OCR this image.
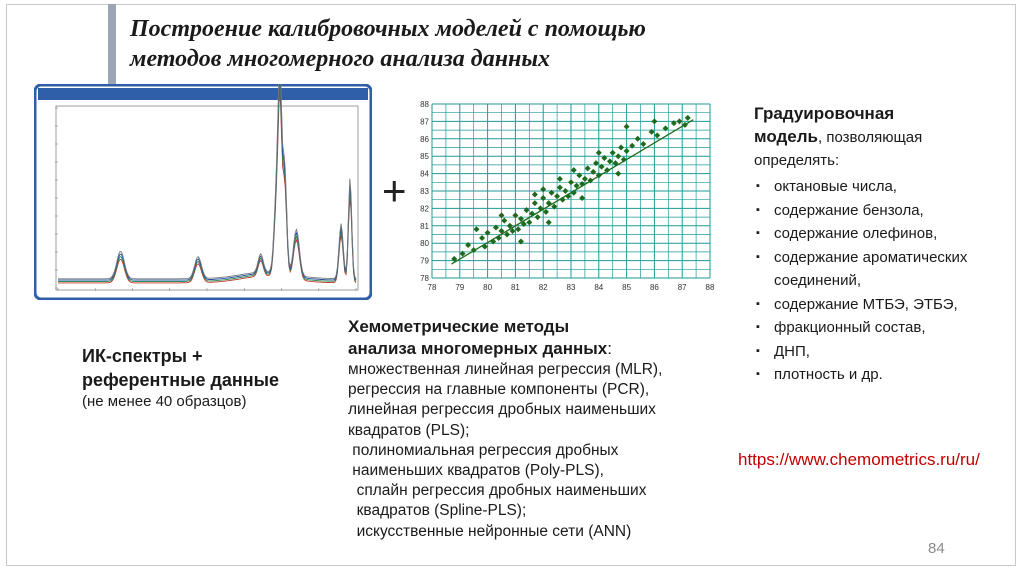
Построение калибровочных моделей с помощью
методов многомерного анализа данных
+
78 79 80 81 82 83 84 85 86 87 88
78
79
80
81
82
83
84
85
86
87
88
ИК-спектры +
референтные данные
(не менее 40 образцов)
Хемометрические методы
анализа многомерных данных:
множественная линейная регрессия (MLR),
регрессия на главные компоненты (PCR),
линейная регрессия дробных наименьших
квадратов (PLS);
полиномиальная регрессия дробных
наименьших квадратов (Poly-PLS),
сплайн регрессия дробных наименьших
квадратов (Spline-PLS);
искусственные нейронные сети (ANN)
Градуировочная
модель, позволяющая
определять:
▪ октановые числа,
▪ содержание бензола,
▪ содержание олефинов,
▪ содержание ароматических соединений,
▪ содержание МТБЭ, ЭТБЭ,
▪ фракционный состав,
▪ ДНП,
▪ плотность и др.
https://www.chemometrics.ru/ru/
84
